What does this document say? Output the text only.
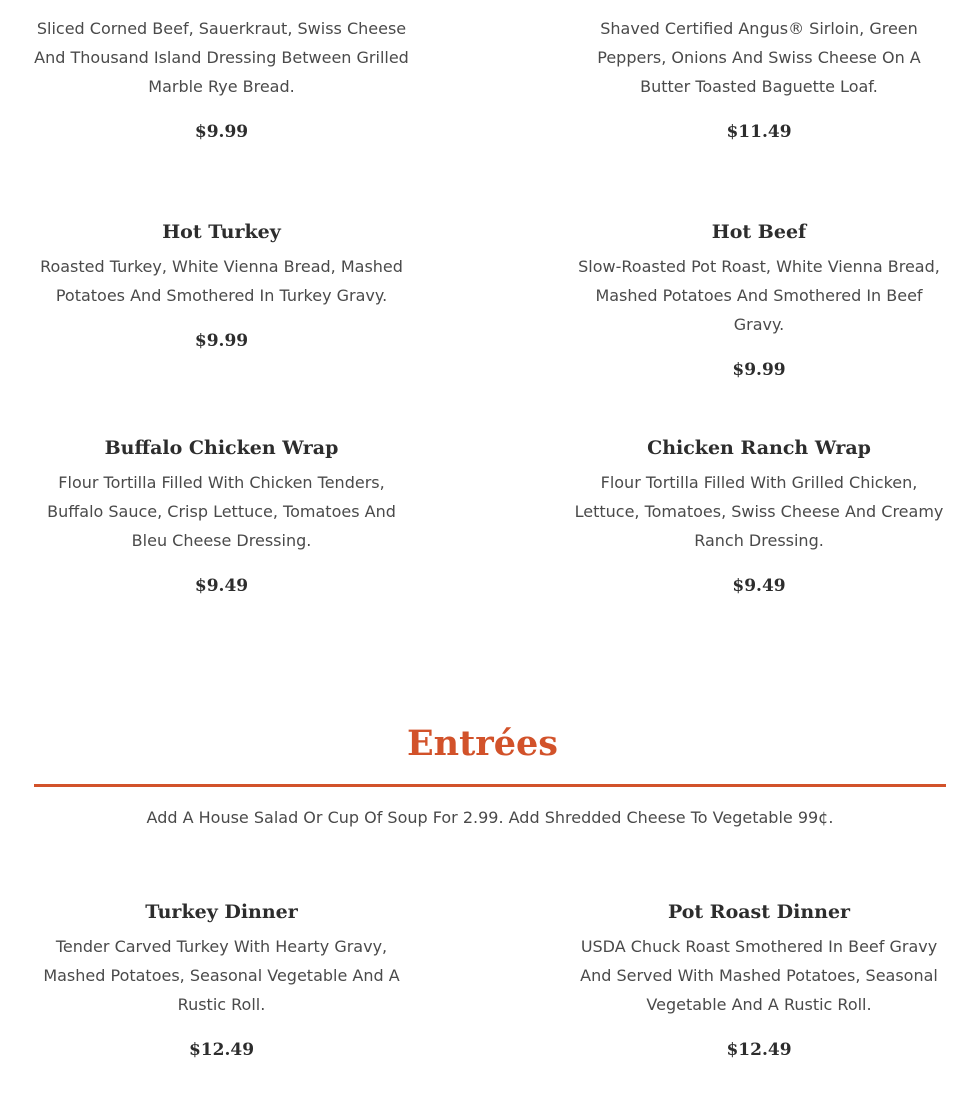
Sliced Corned Beef, Sauerkraut, Swiss Cheese And Thousand Island Dressing Between Grilled Marble Rye Bread.

$9.99

Shaved Certified Angus® Sirloin, Green Peppers, Onions And Swiss Cheese On A Butter Toasted Baguette Loaf.

$11.49
Hot Turkey

Roasted Turkey, White Vienna Bread, Mashed Potatoes And Smothered In Turkey Gravy.

$9.99
Hot Beef

Slow-Roasted Pot Roast, White Vienna Bread, Mashed Potatoes And Smothered In Beef Gravy.

$9.99
Buffalo Chicken Wrap

Flour Tortilla Filled With Chicken Tenders, Buffalo Sauce, Crisp Lettuce, Tomatoes And Bleu Cheese Dressing.

$9.49
Chicken Ranch Wrap

Flour Tortilla Filled With Grilled Chicken, Lettuce, Tomatoes, Swiss Cheese And Creamy Ranch Dressing.

$9.49
Entrées

Add A House Salad Or Cup Of Soup For 2.99. Add Shredded Cheese To Vegetable 99¢.

Turkey Dinner

Tender Carved Turkey With Hearty Gravy, Mashed Potatoes, Seasonal Vegetable And A Rustic Roll.

$12.49
Pot Roast Dinner

USDA Chuck Roast Smothered In Beef Gravy And Served With Mashed Potatoes, Seasonal Vegetable And A Rustic Roll.

$12.49
